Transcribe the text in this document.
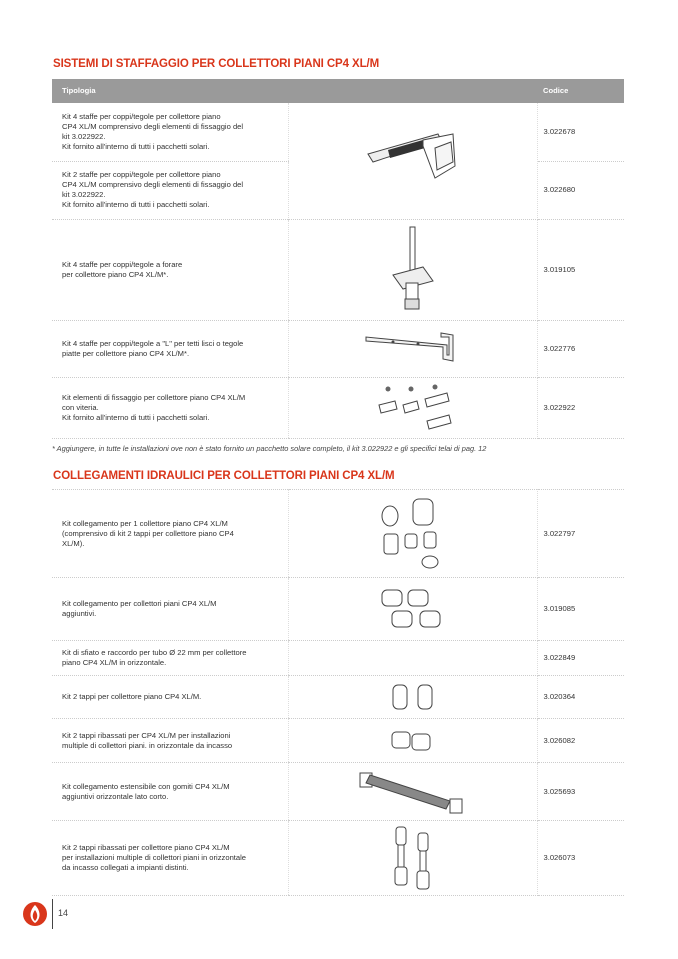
SISTEMI DI STAFFAGGIO PER COLLETTORI PIANI CP4 XL/M
Tipologia		Codice

Kit 4 staffe per coppi/tegole per collettore piano
CP4 XL/M comprensivo degli elementi di fissaggio del
kit 3.022922.
Kit fornito all'interno di tutti i pacchetti solari.		3.022678

Kit 2 staffe per coppi/tegole per collettore piano
CP4 XL/M comprensivo degli elementi di fissaggio del
kit 3.022922.
Kit fornito all'interno di tutti i pacchetti solari.		3.022680

Kit 4 staffe per coppi/tegole a forare
per collettore piano CP4 XL/M*.		3.019105

Kit 4 staffe per coppi/tegole a "L" per tetti lisci o tegole
piatte per collettore piano CP4 XL/M*.		3.022776

Kit elementi di fissaggio per collettore piano CP4 XL/M
con viteria.
Kit fornito all'interno di tutti i pacchetti solari.		3.022922
* Aggiungere, in tutte le installazioni ove non è stato fornito un pacchetto solare completo, il kit 3.022922 e gli specifici telai di pag. 12
COLLEGAMENTI IDRAULICI PER COLLETTORI PIANI CP4 XL/M
Kit collegamento per 1 collettore piano CP4 XL/M
(comprensivo di kit 2 tappi per collettore piano CP4
XL/M).		3.022797

Kit collegamento per collettori piani CP4 XL/M
aggiuntivi.		3.019085

Kit di sfiato e raccordo per tubo Ø 22 mm per collettore
piano CP4 XL/M in orizzontale.		3.022849

Kit 2 tappi per collettore piano CP4 XL/M.		3.020364

Kit 2 tappi ribassati per CP4 XL/M per installazioni
multiple di collettori piani. in orizzontale da incasso		3.026082

Kit collegamento estensibile con gomiti CP4 XL/M
aggiuntivi orizzontale lato corto.		3.025693

Kit 2 tappi ribassati per collettore piano CP4 XL/M
per installazioni multiple di collettori piani in orizzontale
da incasso collegati a impianti distinti.		3.026073
14
